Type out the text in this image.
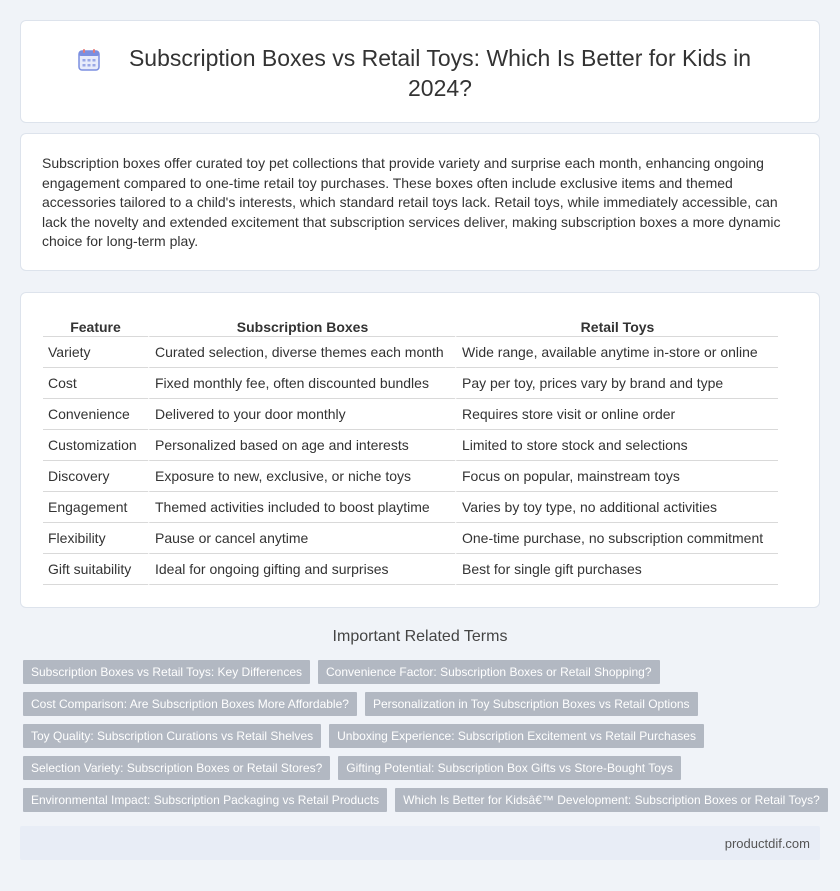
Subscription Boxes vs Retail Toys: Which Is Better for Kids in 2024?

Subscription boxes offer curated toy pet collections that provide variety and surprise each month, enhancing ongoing engagement compared to one-time retail toy purchases. These boxes often include exclusive items and themed accessories tailored to a child's interests, which standard retail toys lack. Retail toys, while immediately accessible, can lack the novelty and extended excitement that subscription services deliver, making subscription boxes a more dynamic choice for long-term play.

Feature	Subscription Boxes	Retail Toys
Variety	Curated selection, diverse themes each month	Wide range, available anytime in-store or online
Cost	Fixed monthly fee, often discounted bundles	Pay per toy, prices vary by brand and type
Convenience	Delivered to your door monthly	Requires store visit or online order
Customization	Personalized based on age and interests	Limited to store stock and selections
Discovery	Exposure to new, exclusive, or niche toys	Focus on popular, mainstream toys
Engagement	Themed activities included to boost playtime	Varies by toy type, no additional activities
Flexibility	Pause or cancel anytime	One-time purchase, no subscription commitment
Gift suitability	Ideal for ongoing gifting and surprises	Best for single gift purchases
Important Related Terms
Subscription Boxes vs Retail Toys: Key Differences	Convenience Factor: Subscription Boxes or Retail Shopping?
Cost Comparison: Are Subscription Boxes More Affordable?	Personalization in Toy Subscription Boxes vs Retail Options
Toy Quality: Subscription Curations vs Retail Shelves	Unboxing Experience: Subscription Excitement vs Retail Purchases
Selection Variety: Subscription Boxes or Retail Stores?	Gifting Potential: Subscription Box Gifts vs Store-Bought Toys
Environmental Impact: Subscription Packaging vs Retail Products	Which Is Better for Kidsâ€™ Development: Subscription Boxes or Retail Toys?
productdif.com
